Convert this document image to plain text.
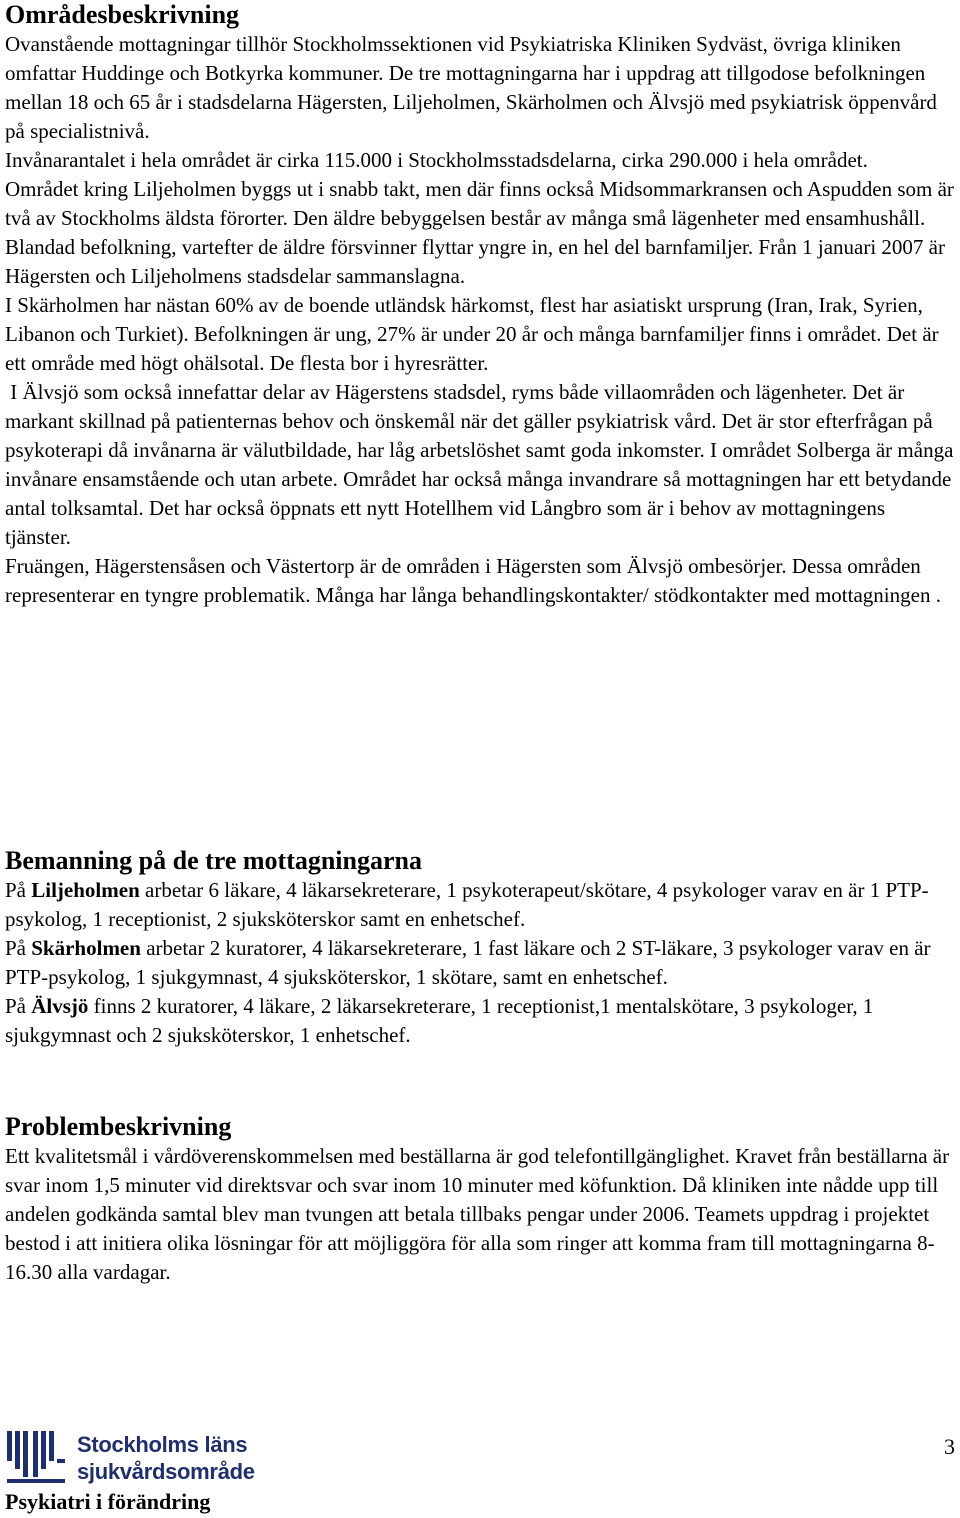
Områdesbeskrivning

Ovanstående mottagningar tillhör Stockholmssektionen vid Psykiatriska Kliniken Sydväst, övriga kliniken omfattar Huddinge och Botkyrka kommuner. De tre mottagningarna har i uppdrag att tillgodose befolkningen mellan 18 och 65 år i stadsdelarna Hägersten, Liljeholmen, Skärholmen och Älvsjö med psykiatrisk öppenvård på specialistnivå.

Invånarantalet i hela området är cirka 115.000 i Stockholmsstadsdelarna, cirka 290.000 i hela området.

Området kring Liljeholmen byggs ut i snabb takt, men där finns också Midsommarkransen och Aspudden som är två av Stockholms äldsta förorter. Den äldre bebyggelsen består av många små lägenheter med ensamhushåll. Blandad befolkning, vartefter de äldre försvinner flyttar yngre in, en hel del barnfamiljer. Från 1 januari 2007 är Hägersten och Liljeholmens stadsdelar sammanslagna.

I Skärholmen har nästan 60% av de boende utländsk härkomst, flest har asiatiskt ursprung (Iran, Irak, Syrien, Libanon och Turkiet). Befolkningen är ung, 27% är under 20 år och många barnfamiljer finns i området. Det är ett område med högt ohälsotal. De flesta bor i hyresrätter.

I Älvsjö som också innefattar delar av Hägerstens stadsdel, ryms både villaområden och lägenheter. Det är markant skillnad på patienternas behov och önskemål när det gäller psykiatrisk vård. Det är stor efterfrågan på psykoterapi då invånarna är välutbildade, har låg arbetslöshet samt goda inkomster. I området Solberga är många invånare ensamstående och utan arbete. Området har också många invandrare så mottagningen har ett betydande antal tolksamtal. Det har också öppnats ett nytt Hotellhem vid Långbro som är i behov av mottagningens tjänster.

Fruängen, Hägerstensåsen och Västertorp är de områden i Hägersten som Älvsjö ombesörjer. Dessa områden representerar en tyngre problematik. Många har långa behandlingskontakter/ stödkontakter med mottagningen .

Bemanning på de tre mottagningarna

På Liljeholmen arbetar 6 läkare, 4 läkarsekreterare, 1 psykoterapeut/skötare, 4 psykologer varav en är 1 PTP-psykolog, 1 receptionist, 2 sjuksköterskor samt en enhetschef.

På Skärholmen arbetar 2 kuratorer, 4 läkarsekreterare, 1 fast läkare och 2 ST-läkare, 3 psykologer varav en är PTP-psykolog, 1 sjukgymnast, 4 sjuksköterskor, 1 skötare, samt en enhetschef.

På Älvsjö finns 2 kuratorer, 4 läkare, 2 läkarsekreterare, 1 receptionist,1 mentalskötare, 3 psykologer, 1 sjukgymnast och 2 sjuksköterskor, 1 enhetschef.

Problembeskrivning

Ett kvalitetsmål i vårdöverenskommelsen med beställarna är god telefontillgänglighet. Kravet från beställarna är svar inom 1,5 minuter vid direktsvar och svar inom 10 minuter med köfunktion. Då kliniken inte nådde upp till andelen godkända samtal blev man tvungen att betala tillbaks pengar under 2006. Teamets uppdrag i projektet bestod i att initiera olika lösningar för att möjliggöra för alla som ringer att komma fram till mottagningarna 8-16.30 alla vardagar.

Stockholms läns
sjukvårdsområde
Psykiatri i förändring
3
